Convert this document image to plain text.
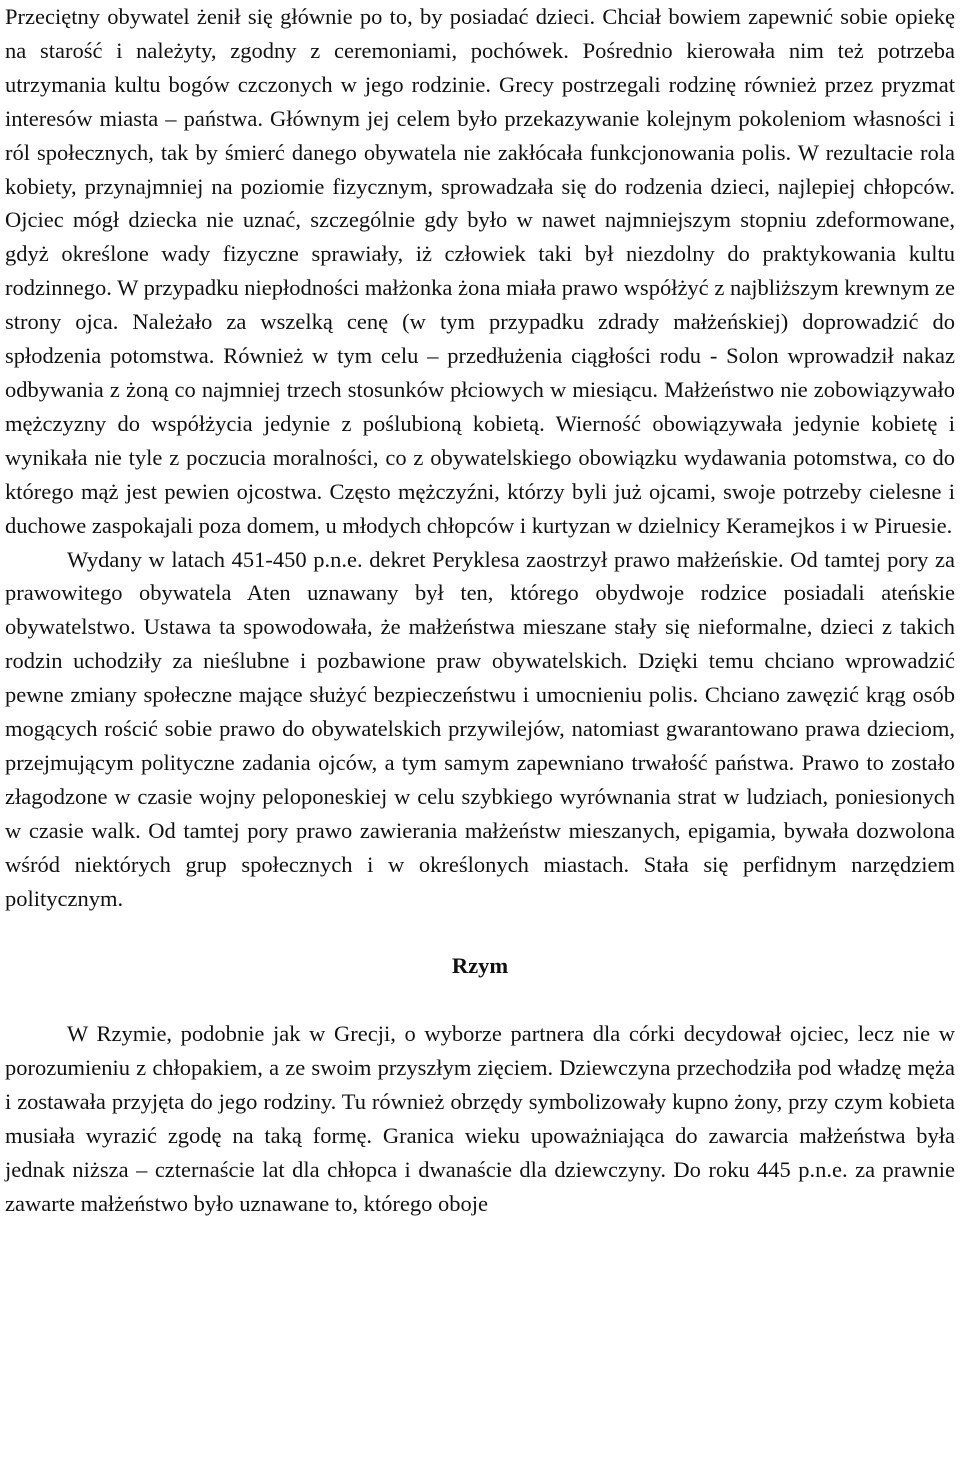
Przeciętny obywatel żenił się głównie po to, by posiadać dzieci. Chciał bowiem zapewnić sobie opiekę na starość i należyty, zgodny z ceremoniami, pochówek. Pośrednio kierowała nim też potrzeba utrzymania kultu bogów czczonych w jego rodzinie. Grecy postrzegali rodzinę również przez pryzmat interesów miasta – państwa. Głównym jej celem było przekazywanie kolejnym pokoleniom własności i ról społecznych, tak by śmierć danego obywatela nie zakłócała funkcjonowania polis. W rezultacie rola kobiety, przynajmniej na poziomie fizycznym, sprowadzała się do rodzenia dzieci, najlepiej chłopców. Ojciec mógł dziecka nie uznać, szczególnie gdy było w nawet najmniejszym stopniu zdeformowane, gdyż określone wady fizyczne sprawiały, iż człowiek taki był niezdolny do praktykowania kultu rodzinnego. W przypadku niepłodności małżonka żona miała prawo współżyć z najbliższym krewnym ze strony ojca. Należało za wszelką cenę (w tym przypadku zdrady małżeńskiej) doprowadzić do spłodzenia potomstwa. Również w tym celu – przedłużenia ciągłości rodu - Solon wprowadził nakaz odbywania z żoną co najmniej trzech stosunków płciowych w miesiącu. Małżeństwo nie zobowiązywało mężczyzny do współżycia jedynie z poślubioną kobietą. Wierność obowiązywała jedynie kobietę i wynikała nie tyle z poczucia moralności, co z obywatelskiego obowiązku wydawania potomstwa, co do którego mąż jest pewien ojcostwa. Często mężczyźni, którzy byli już ojcami, swoje potrzeby cielesne i duchowe zaspokajali poza domem, u młodych chłopców i kurtyzan w dzielnicy Keramejkos i w Piruesie.

Wydany w latach 451-450 p.n.e. dekret Peryklesa zaostrzył prawo małżeńskie. Od tamtej pory za prawowitego obywatela Aten uznawany był ten, którego obydwoje rodzice posiadali ateńskie obywatelstwo. Ustawa ta spowodowała, że małżeństwa mieszane stały się nieformalne, dzieci z takich rodzin uchodziły za nieślubne i pozbawione praw obywatelskich. Dzięki temu chciano wprowadzić pewne zmiany społeczne mające służyć bezpieczeństwu i umocnieniu polis. Chciano zawęzić krąg osób mogących rościć sobie prawo do obywatelskich przywilejów, natomiast gwarantowano prawa dzieciom, przejmującym polityczne zadania ojców, a tym samym zapewniano trwałość państwa. Prawo to zostało złagodzone w czasie wojny peloponeskiej w celu szybkiego wyrównania strat w ludziach, poniesionych w czasie walk. Od tamtej pory prawo zawierania małżeństw mieszanych, epigamia, bywała dozwolona wśród niektórych grup społecznych i w określonych miastach. Stała się perfidnym narzędziem politycznym.

Rzym

W Rzymie, podobnie jak w Grecji, o wyborze partnera dla córki decydował ojciec, lecz nie w porozumieniu z chłopakiem, a ze swoim przyszłym zięciem. Dziewczyna przechodziła pod władzę męża i zostawała przyjęta do jego rodziny. Tu również obrzędy symbolizowały kupno żony, przy czym kobieta musiała wyrazić zgodę na taką formę. Granica wieku upoważniająca do zawarcia małżeństwa była jednak niższa – czternaście lat dla chłopca i dwanaście dla dziewczyny. Do roku 445 p.n.e. za prawnie zawarte małżeństwo było uznawane to, którego oboje
